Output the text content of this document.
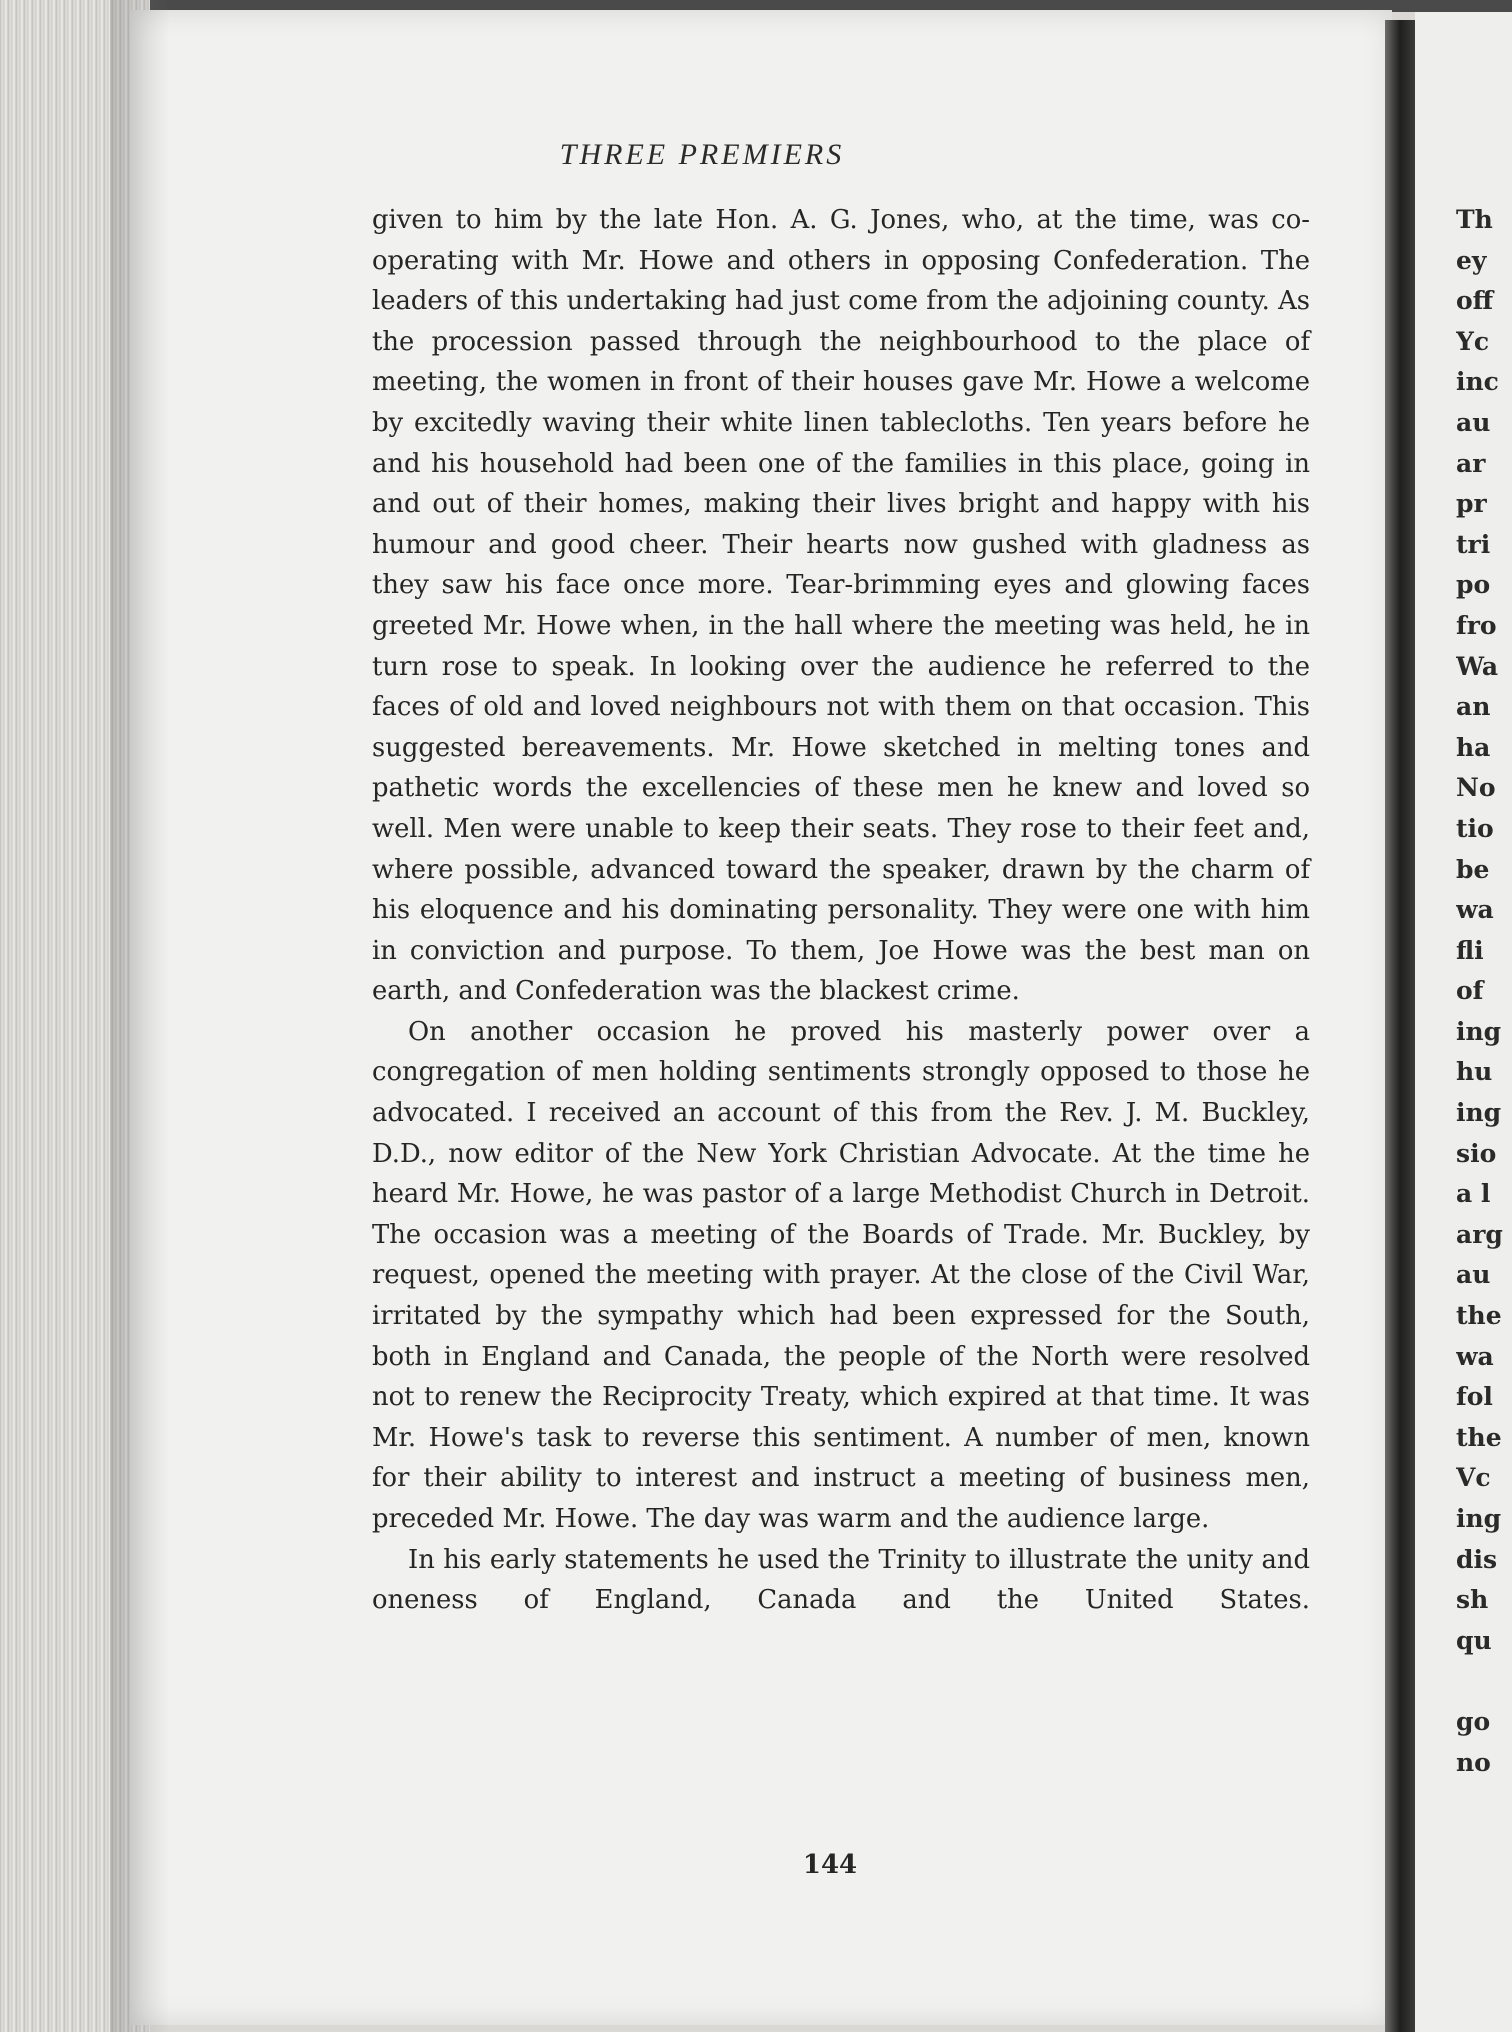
THREE PREMIERS

given to him by the late Hon. A. G. Jones, who, at the time, was co-operating with Mr. Howe and others in opposing Confederation. The leaders of this undertaking had just come from the adjoining county. As the procession passed through the neighbourhood to the place of meeting, the women in front of their houses gave Mr. Howe a welcome by excitedly waving their white linen tablecloths. Ten years before he and his household had been one of the families in this place, going in and out of their homes, making their lives bright and happy with his humour and good cheer. Their hearts now gushed with gladness as they saw his face once more. Tear-brimming eyes and glowing faces greeted Mr. Howe when, in the hall where the meeting was held, he in turn rose to speak. In looking over the audience he referred to the faces of old and loved neighbours not with them on that occasion. This suggested bereavements. Mr. Howe sketched in melting tones and pathetic words the excellencies of these men he knew and loved so well. Men were unable to keep their seats. They rose to their feet and, where possible, advanced toward the speaker, drawn by the charm of his eloquence and his dominating personality. They were one with him in conviction and purpose. To them, Joe Howe was the best man on earth, and Confederation was the blackest crime.

On another occasion he proved his masterly power over a congregation of men holding sentiments strongly opposed to those he advocated. I received an account of this from the Rev. J. M. Buckley, D.D., now editor of the New York Christian Advocate. At the time he heard Mr. Howe, he was pastor of a large Methodist Church in Detroit. The occasion was a meeting of the Boards of Trade. Mr. Buckley, by request, opened the meeting with prayer. At the close of the Civil War, irritated by the sympathy which had been expressed for the South, both in England and Canada, the people of the North were resolved not to renew the Reciprocity Treaty, which expired at that time. It was Mr. Howe's task to reverse this sentiment. A number of men, known for their ability to interest and instruct a meeting of business men, preceded Mr. Howe. The day was warm and the audience large.

In his early statements he used the Trinity to illustrate the unity and oneness of England, Canada and the United States.

144
Th
ey
off
Yc
inc
au
ar
pr
tri
po
fro
Wa
an
ha
No
tio
be
wa
fli
of
ing
hu
ing
sio
a l
arg
au
the
wa
fol
the
Vc
ing
dis
sh
qu

go
no
